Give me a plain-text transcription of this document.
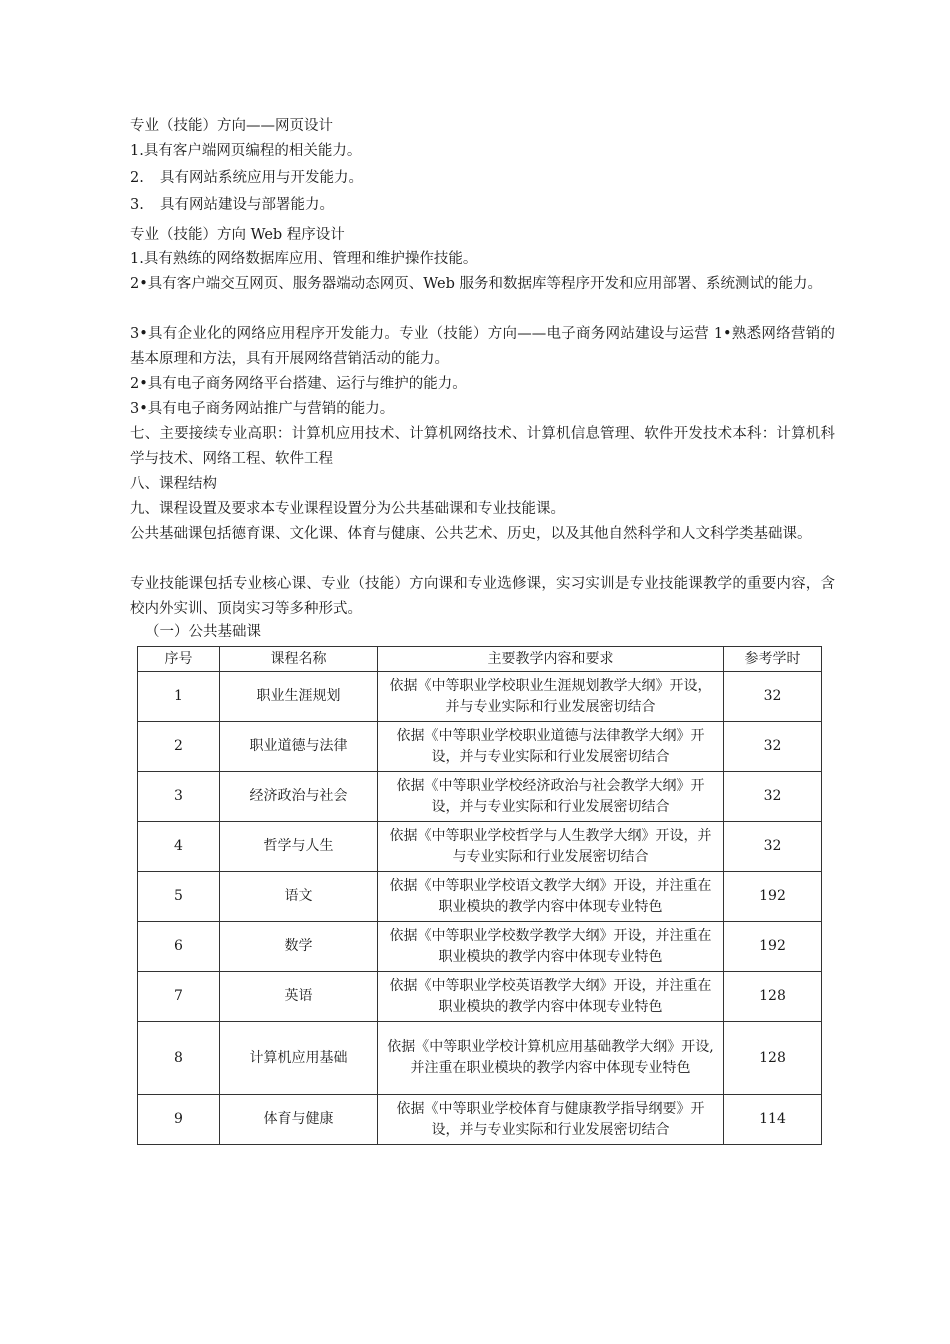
专业（技能）方向——网页设计

1.具有客户端网页编程的相关能力。

2. 具有网站系统应用与开发能力。

3. 具有网站建设与部署能力。

专业（技能）方向 Web 程序设计

1.具有熟练的网络数据库应用、管理和维护操作技能。

2•具有客户端交互网页、服务器端动态网页、Web 服务和数据库等程序开发和应用部署、系统测试的能力。

3•具有企业化的网络应用程序开发能力。专业（技能）方向——电子商务网站建设与运营 1•熟悉网络营销的基本原理和方法，具有开展网络营销活动的能力。

2•具有电子商务网络平台搭建、运行与维护的能力。

3•具有电子商务网站推广与营销的能力。

七、主要接续专业高职：计算机应用技术、计算机网络技术、计算机信息管理、软件开发技术本科：计算机科学与技术、网络工程、软件工程

八、课程结构

九、课程设置及要求本专业课程设置分为公共基础课和专业技能课。

公共基础课包括德育课、文化课、体育与健康、公共艺术、历史，以及其他自然科学和人文科学类基础课。

专业技能课包括专业核心课、专业（技能）方向课和专业选修课，实习实训是专业技能课教学的重要内容，含校内外实训、顶岗实习等多种形式。

（一）公共基础课
序号	课程名称	主要教学内容和要求	参考学时
1	职业生涯规划	依据《中等职业学校职业生涯规划教学大纲》开设，并与专业实际和行业发展密切结合	32
2	职业道德与法律	依据《中等职业学校职业道德与法律教学大纲》开设，并与专业实际和行业发展密切结合	32
3	经济政治与社会	依据《中等职业学校经济政治与社会教学大纲》开设，并与专业实际和行业发展密切结合	32
4	哲学与人生	依据《中等职业学校哲学与人生教学大纲》开设，并与专业实际和行业发展密切结合	32
5	语文	依据《中等职业学校语文教学大纲》开设，并注重在职业模块的教学内容中体现专业特色	192
6	数学	依据《中等职业学校数学教学大纲》开设，并注重在职业模块的教学内容中体现专业特色	192
7	英语	依据《中等职业学校英语教学大纲》开设，并注重在职业模块的教学内容中体现专业特色	128
8	计算机应用基础	依据《中等职业学校计算机应用基础教学大纲》开设, 并注重在职业模块的教学内容中体现专业特色	128
9	体育与健康	依据《中等职业学校体育与健康教学指导纲要》开设，并与专业实际和行业发展密切结合	114
